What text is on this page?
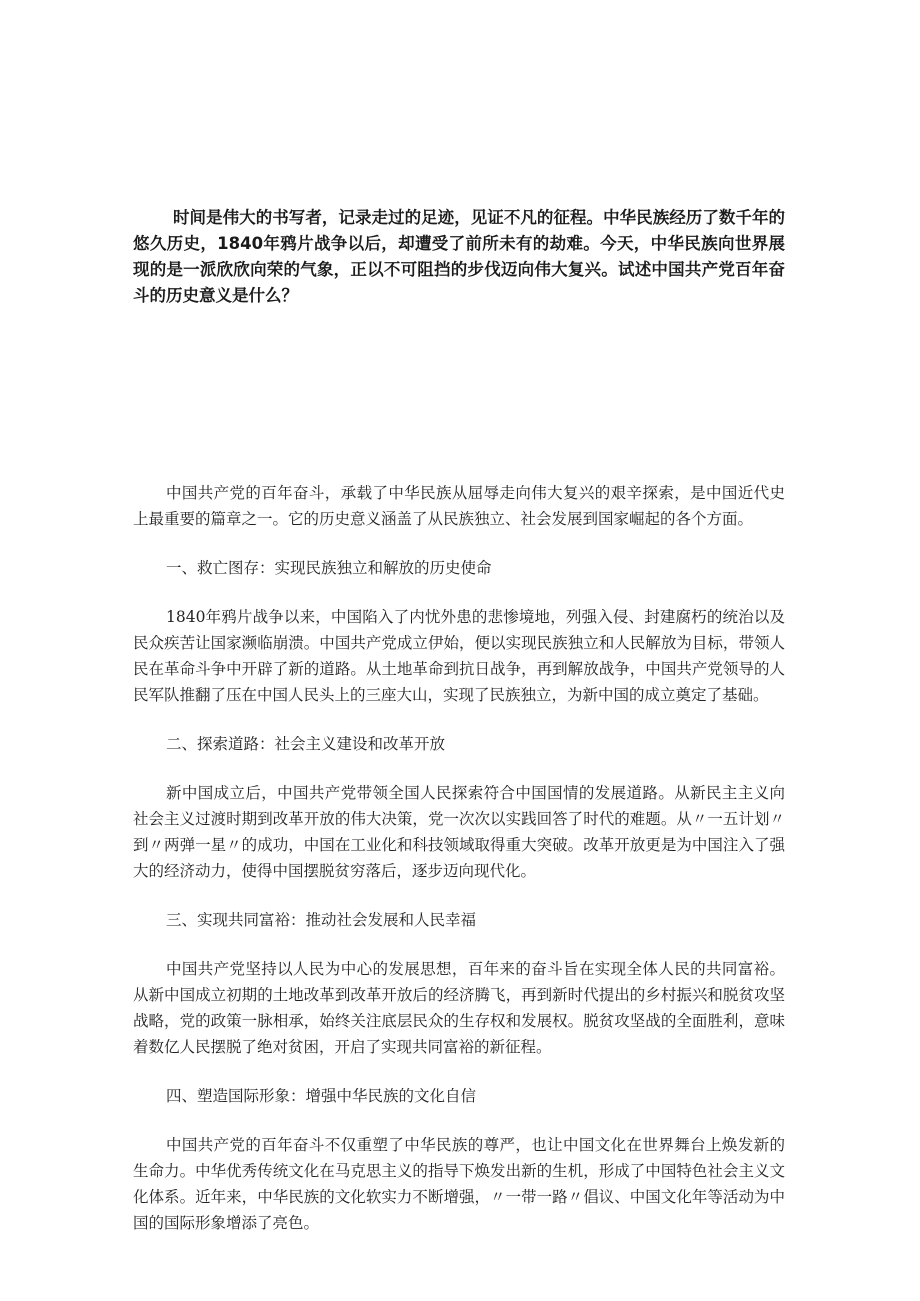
时间是伟大的书写者，记录走过的足迹，见证不凡的征程。中华民族经历了数千年的悠久历史，1840年鸦片战争以后，却遭受了前所未有的劫难。今天，中华民族向世界展现的是一派欣欣向荣的气象，正以不可阻挡的步伐迈向伟大复兴。试述中国共产党百年奋斗的历史意义是什么？

中国共产党的百年奋斗，承载了中华民族从屈辱走向伟大复兴的艰辛探索，是中国近代史上最重要的篇章之一。它的历史意义涵盖了从民族独立、社会发展到国家崛起的各个方面。

一、救亡图存：实现民族独立和解放的历史使命

1840年鸦片战争以来，中国陷入了内忧外患的悲惨境地，列强入侵、封建腐朽的统治以及民众疾苦让国家濒临崩溃。中国共产党成立伊始，便以实现民族独立和人民解放为目标，带领人民在革命斗争中开辟了新的道路。从土地革命到抗日战争，再到解放战争，中国共产党领导的人民军队推翻了压在中国人民头上的三座大山，实现了民族独立，为新中国的成立奠定了基础。

二、探索道路：社会主义建设和改革开放

新中国成立后，中国共产党带领全国人民探索符合中国国情的发展道路。从新民主主义向社会主义过渡时期到改革开放的伟大决策，党一次次以实践回答了时代的难题。从〃一五计划〃到〃两弹一星〃的成功，中国在工业化和科技领域取得重大突破。改革开放更是为中国注入了强大的经济动力，使得中国摆脱贫穷落后，逐步迈向现代化。

三、实现共同富裕：推动社会发展和人民幸福

中国共产党坚持以人民为中心的发展思想，百年来的奋斗旨在实现全体人民的共同富裕。从新中国成立初期的土地改革到改革开放后的经济腾飞，再到新时代提出的乡村振兴和脱贫攻坚战略，党的政策一脉相承，始终关注底层民众的生存权和发展权。脱贫攻坚战的全面胜利，意味着数亿人民摆脱了绝对贫困，开启了实现共同富裕的新征程。

四、塑造国际形象：增强中华民族的文化自信

中国共产党的百年奋斗不仅重塑了中华民族的尊严，也让中国文化在世界舞台上焕发新的生命力。中华优秀传统文化在马克思主义的指导下焕发出新的生机，形成了中国特色社会主义文化体系。近年来，中华民族的文化软实力不断增强，〃一带一路〃倡议、中国文化年等活动为中国的国际形象增添了亮色。
